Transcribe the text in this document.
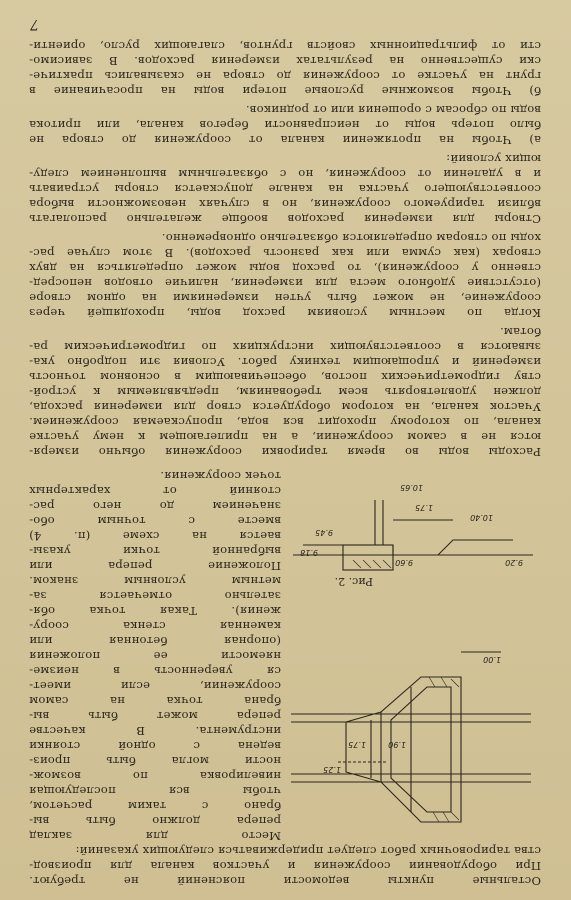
7
1.90
1.75
1.25
1.00
9.20
9.60
9.45
9.18
1.75
10.40
10.65
Рис. 2.
Остальные пункты ведомости пояснений не требуют.
При оборудовании сооружения и участков канала для производ-
ства тарировочных работ следует придерживаться следующих указаний:
Место для заклад
репера должно быть вы-
брано с таким расчетом,
чтобы вся последующая
нивелировка по возмож-
ности могла быть произ-
ведена с одной стоянки
инструмента. В качестве
репера может быть вы-
брана точка на самом
сооружении, если имеет-
ся уверенность в неизме-
няемости ее положения
(опорная бетонная или
каменная стенка соору-
жения). Такая точка обя-
зательно отмечается за-
метным условным знаком.
Положение репера или
выбранной точки указы-
вается на схеме (п. 4)
вместе с точным обо-
значением до него рас-
стояний от характерных
точек сооружения.
Расходы воды во время тарировки сооружения обычно измеря-
ются не в самом сооружении, а на прилегающем к нему участке
канала, по которому проходит вся вода, пропускаемая сооружением.
Участок канала, на котором оборудуется створ для измерения расхода,
должен удовлетворять всем требованиям, предъявляемым к устрой-
ству гидрометрических постов, обеспечивающим в основном точность
измерений и упрощающим технику работ. Условия эти подробно ука-
зываются в соответствующих инструкциях по гидрометрическим ра-
ботам.
Когда по местным условиям расход воды, проходящей через
сооружение, не может быть учтен измерениями на одном створе
(отсутствие удобного места для измерения, наличие отводов непосред-
ственно у сооружения), то расход воды может определяться на двух
створах (как сумма или как разность расходов). В этом случае рас-
ходы по створам определяются обязательно одновременно.
Створы для измерения расходов вообще желательно располагать
вблизи тарируемого сооружения, но в случаях невозможности выбора
соответствующего участка на канале допускается створы устраивать
и в удалении от сооружения, но с обязательным выполнением следу-
ющих условий:
а) Чтобы на протяжении канала от сооружения до створа не
было потерь воды от неисправности берегов канала, или притока
воды по сбросам с орошения или от родников.
б) Чтобы возможные русловые потери воды на просачивание в
грунт на участке от сооружения до створа не сказывались практиче-
ски существенно на результатах измерения расходов. В зависимо-
сти от фильтрационных свойств грунтов, слагающих русло, ориенти-
